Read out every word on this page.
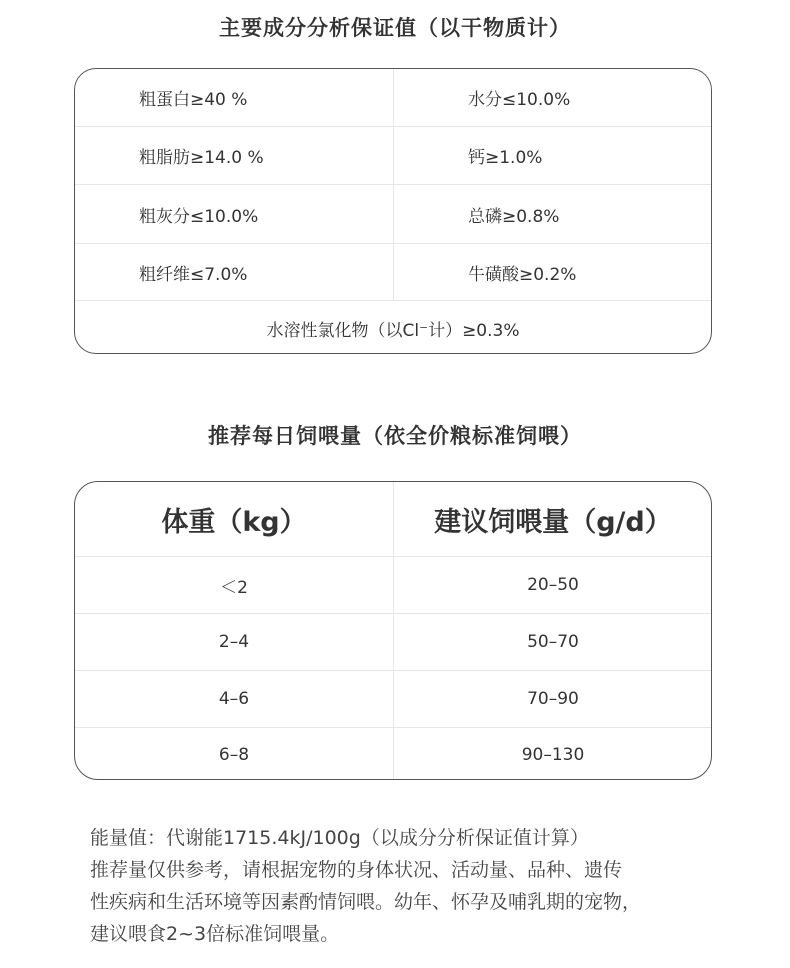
主要成分分析保证值（以干物质计）
粗蛋白≥40 %	水分≤10.0%
粗脂肪≥14.0 %	钙≥1.0%
粗灰分≤10.0%	总磷≥0.8%
粗纤维≤7.0%	牛磺酸≥0.2%
水溶性氯化物（以Cl⁻计）≥0.3%
推荐每日饲喂量（依全价粮标准饲喂）
体重（kg）	建议饲喂量（g/d）
＜2	20–50
2–4	50–70
4–6	70–90
6–8	90–130
能量值：代谢能1715.4kJ/100g（以成分分析保证值计算）
推荐量仅供参考，请根据宠物的身体状况、活动量、品种、遗传
性疾病和生活环境等因素酌情饲喂。幼年、怀孕及哺乳期的宠物，
建议喂食2~3倍标准饲喂量。
